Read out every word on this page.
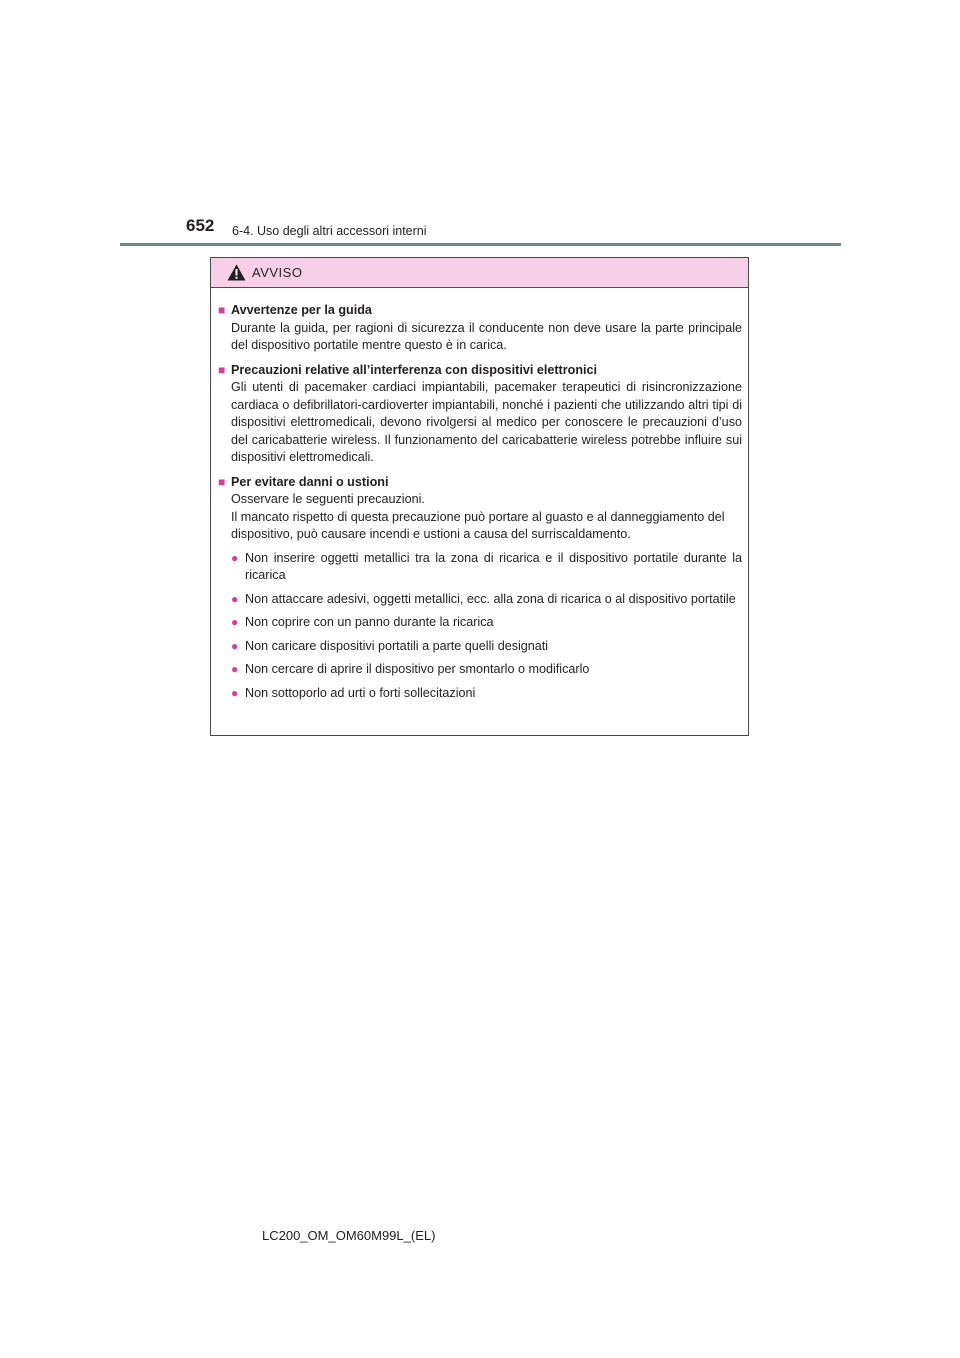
652 6-4. Uso degli altri accessori interni
AVVISO
■ Avvertenze per la guida

Durante la guida, per ragioni di sicurezza il conducente non deve usare la parte principale del dispositivo portatile mentre questo è in carica.

■ Precauzioni relative all’interferenza con dispositivi elettronici

Gli utenti di pacemaker cardiaci impiantabili, pacemaker terapeutici di risincronizzazione cardiaca o defibrillatori-cardioverter impiantabili, nonché i pazienti che utilizzando altri tipi di dispositivi elettromedicali, devono rivolgersi al medico per conoscere le precauzioni d’uso del caricabatterie wireless. Il funzionamento del caricabatterie wireless potrebbe influire sui dispositivi elettromedicali.

■ Per evitare danni o ustioni

Osservare le seguenti precauzioni.

Il mancato rispetto di questa precauzione può portare al guasto e al danneggiamento del dispositivo, può causare incendi e ustioni a causa del surriscaldamento.

● Non inserire oggetti metallici tra la zona di ricarica e il dispositivo portatile durante la ricarica
● Non attaccare adesivi, oggetti metallici, ecc. alla zona di ricarica o al dispositivo portatile
● Non coprire con un panno durante la ricarica
● Non caricare dispositivi portatili a parte quelli designati
● Non cercare di aprire il dispositivo per smontarlo o modificarlo
● Non sottoporlo ad urti o forti sollecitazioni
LC200_OM_OM60M99L_(EL)
